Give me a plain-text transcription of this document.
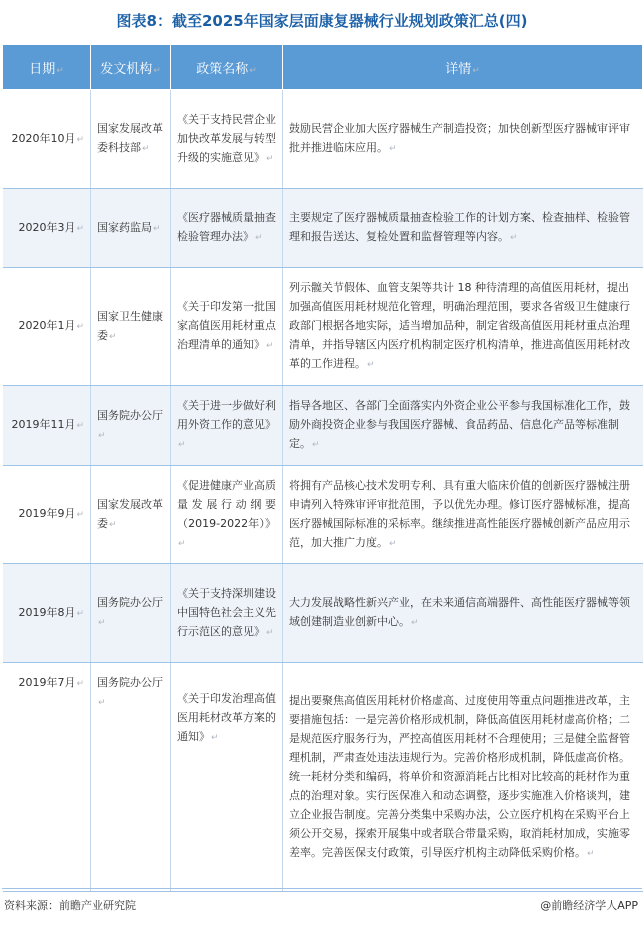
图表8：截至2025年国家层面康复器械行业规划政策汇总(四)
日期↵	发文机构↵	政策名称↵	详情↵
2020年10月↵	国家发展改革委科技部↵	《关于支持民营企业加快改革发展与转型升级的实施意见》↵	鼓励民营企业加大医疗器械生产制造投资；加快创新型医疗器械审评审批并推进临床应用。↵
2020年3月↵	国家药监局↵	《医疗器械质量抽查检验管理办法》↵	主要规定了医疗器械质量抽查检验工作的计划方案、检查抽样、检验管理和报告送达、复检处置和监督管理等内容。↵
2020年1月↵	国家卫生健康委↵	《关于印发第一批国家高值医用耗材重点治理清单的通知》↵	列示髋关节假体、血管支架等共计 18 种待清理的高值医用耗材，提出加强高值医用耗材规范化管理，明确治理范围，要求各省级卫生健康行政部门根据各地实际，适当增加品种，制定省级高值医用耗材重点治理清单，并指导辖区内医疗机构制定医疗机构清单，推进高值医用耗材改革的工作进程。↵
2019年11月↵	国务院办公厅↵	《关于进一步做好利用外资工作的意见》↵	指导各地区、各部门全面落实内外资企业公平参与我国标准化工作，鼓励外商投资企业参与我国医疗器械、食品药品、信息化产品等标准制定。↵
2019年9月↵	国家发展改革委↵	《促进健康产业高质量发展行动纲要（2019-2022年）》↵	将拥有产品核心技术发明专利、具有重大临床价值的创新医疗器械注册申请列入特殊审评审批范围，予以优先办理。修订医疗器械标准，提高医疗器械国际标准的采标率。继续推进高性能医疗器械创新产品应用示范，加大推广力度。↵
2019年8月↵	国务院办公厅↵	《关于支持深圳建设中国特色社会主义先行示范区的意见》↵	大力发展战略性新兴产业，在未来通信高端器件、高性能医疗器械等领域创建制造业创新中心。↵
2019年7月↵	国务院办公厅↵	《关于印发治理高值医用耗材改革方案的通知》↵	提出要聚焦高值医用耗材价格虚高、过度使用等重点问题推进改革，主要措施包括：一是完善价格形成机制，降低高值医用耗材虚高价格；二是规范医疗服务行为，严控高值医用耗材不合理使用；三是健全监督管理机制，严肃查处违法违规行为。完善价格形成机制，降低虚高价格。统一耗材分类和编码，将单价和资源消耗占比相对比较高的耗材作为重点的治理对象。实行医保准入和动态调整，逐步实施准入价格谈判，建立企业报告制度。完善分类集中采购办法，公立医疗机构在采购平台上须公开交易，探索开展集中或者联合带量采购，取消耗材加成，实施零差率。完善医保支付政策，引导医疗机构主动降低采购价格。↵
资料来源：前瞻产业研究院	@前瞻经济学人APP
